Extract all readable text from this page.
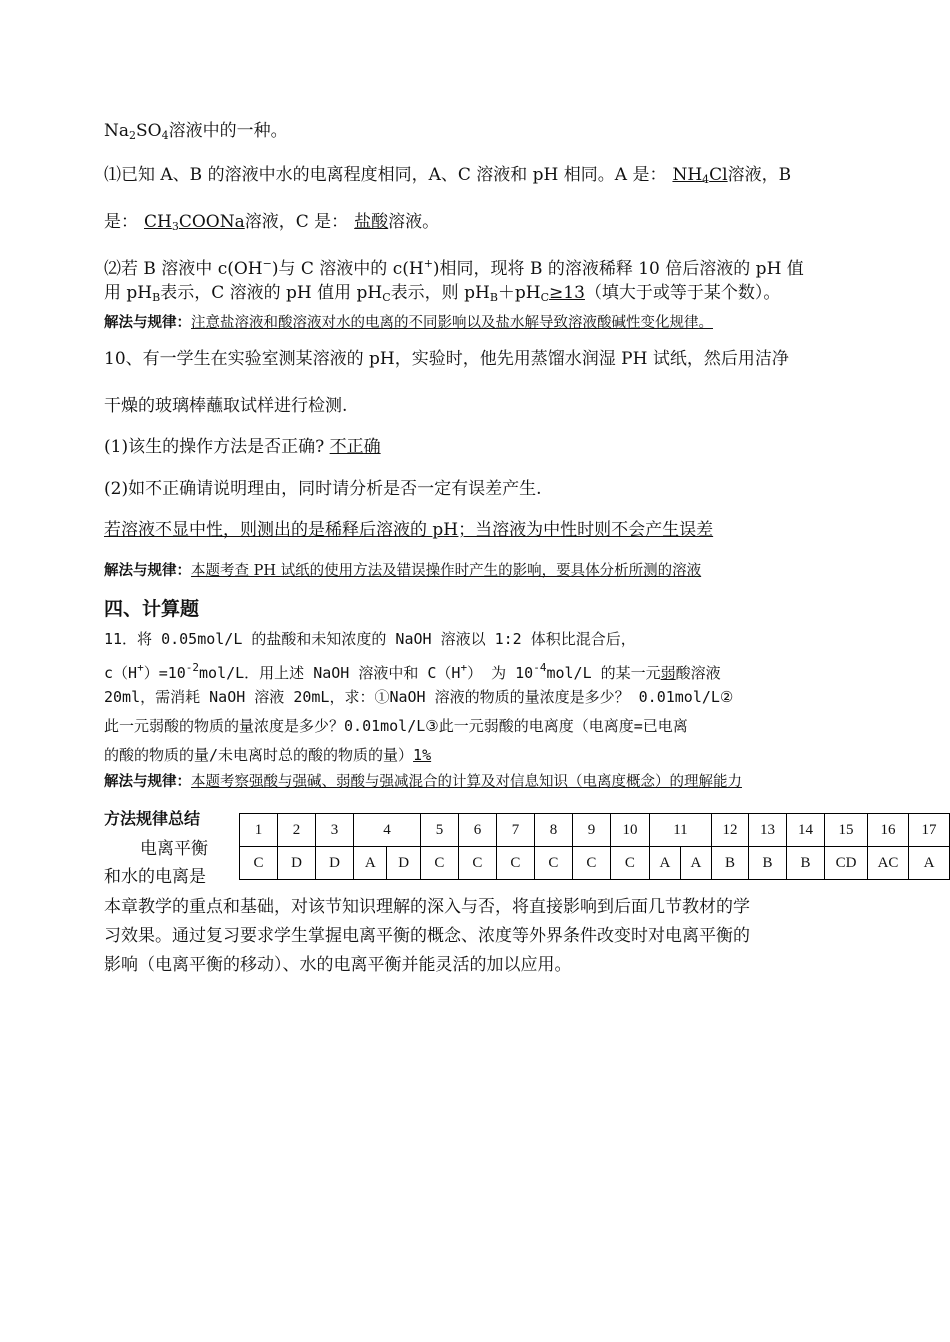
$Na_2SO_4$溶液中的一种。
⑴已知 A、B 的溶液中水的电离程度相同，A、C 溶液和 pH 相同。A 是： $NH_4Cl$溶液，B
是： $CH_3COONa$溶液，C 是： 盐酸溶液。
⑵若 B 溶液中 c(OH−)与 C 溶液中的 c(H+)相同，现将 B 的溶液稀释 10 倍后溶液的 pH 值
用 $pH_B$表示，C 溶液的 pH 值用 $pH_C$表示，则 $pH_B+pH_C\ge 13$（填大于或等于某个数）。
解法与规律：注意盐溶液和酸溶液对水的电离的不同影响以及盐水解导致溶液酸碱性变化规律。
10、有一学生在实验室测某溶液的 pH，实验时，他先用蒸馏水润湿 PH 试纸，然后用洁净
干燥的玻璃棒蘸取试样进行检测.
(1)该生的操作方法是否正确? 不正确
(2)如不正确请说明理由，同时请分析是否一定有误差产生.
若溶液不显中性，则测出的是稀释后溶液的 pH；当溶液为中性时则不会产生误差
解法与规律：本题考查 PH 试纸的使用方法及错误操作时产生的影响，要具体分析所测的溶液
四、计算题
11．将 0.05mol/L 的盐酸和未知浓度的 NaOH 溶液以 1:2 体积比混合后，
$c(H^+)=10^{-2}mol/L$．用上述 NaOH 溶液中和 C（H+） 为 $10^{-4}mol/L$ 的某一元弱酸溶液
20ml，需消耗 NaOH 溶液 20mL，求：①NaOH 溶液的物质的量浓度是多少？ 0.01mol/L②
此一元弱酸的物质的量浓度是多少？0.01mol/L③此一元弱酸的电离度（电离度=已电离
的酸的物质的量/未电离时总的酸的物质的量）1%
解法与规律：本题考察强酸与强碱、弱酸与强减混合的计算及对信息知识（电离度概念）的理解能力
方法规律总结
电离平衡
和水的电离是
本章教学的重点和基础，对该节知识理解的深入与否，将直接影响到后面几节教材的学
习效果。通过复习要求学生掌握电离平衡的概念、浓度等外界条件改变时对电离平衡的
影响（电离平衡的移动）、水的电离平衡并能灵活的加以应用。
1	2	3	4		5	6	7	8	9	10	11		12	13	14	15	16	17
C	D	D	A	D	C	C	C	C	C	C	A	A	B	B	B	CD	AC	A
